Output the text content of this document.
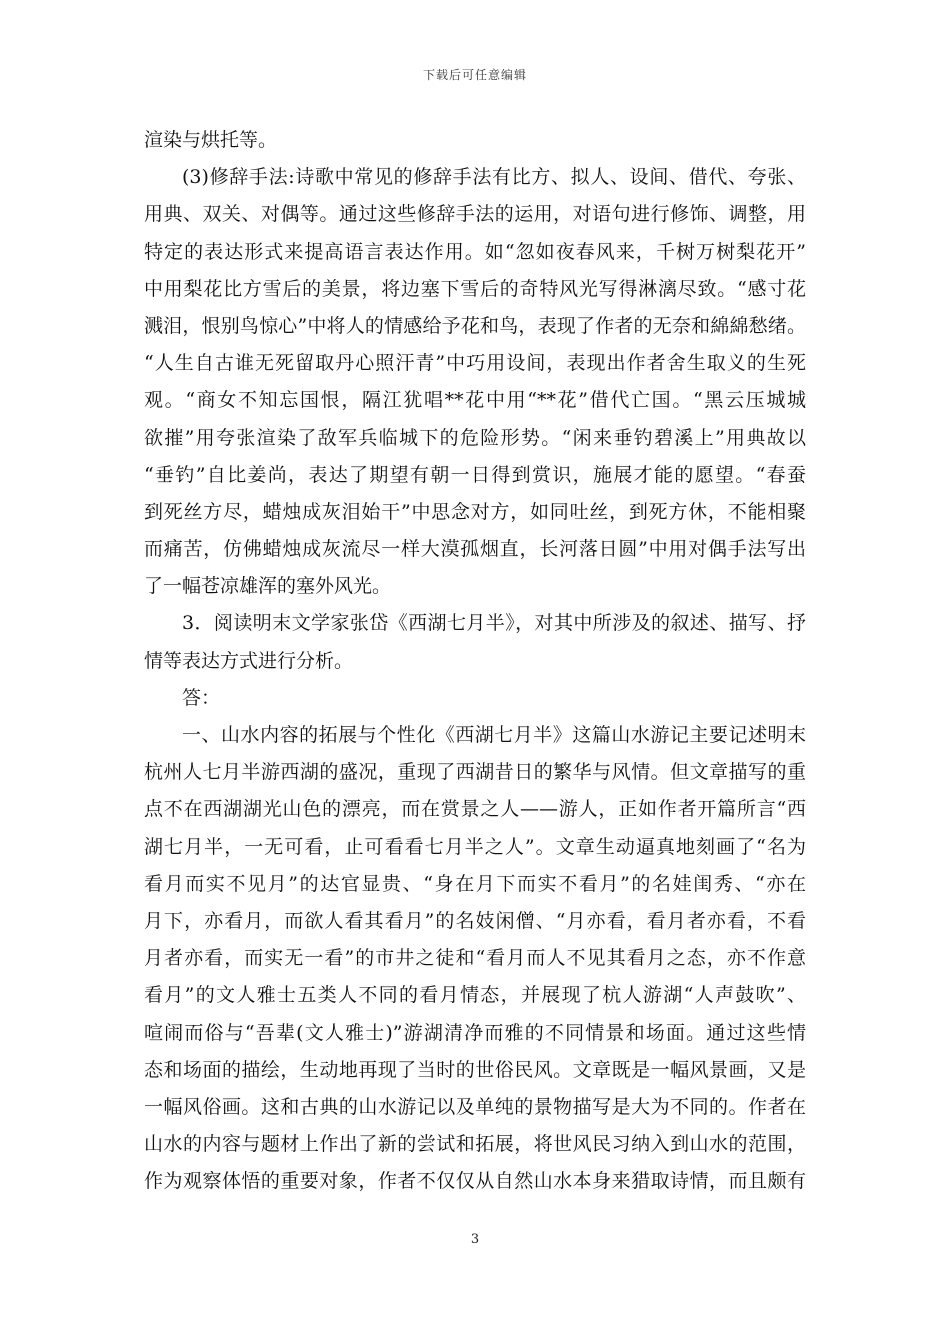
下载后可任意编辑
渲染与烘托等。
(3)修辞手法:诗歌中常见的修辞手法有比方、拟人、设间、借代、夸张、
用典、双关、对偶等。通过这些修辞手法的运用，对语句进行修饰、调整，用
特定的表达形式来提高语言表达作用。如“忽如夜春风来，千树万树梨花开”
中用梨花比方雪后的美景，将边塞下雪后的奇特风光写得淋漓尽致。“感寸花
溅泪，恨别鸟惊心”中将人的情感给予花和鸟，表现了作者的无奈和綿綿愁绪。
“人生自古谁无死留取丹心照汗青”中巧用设间，表现出作者舍生取义的生死
观。“商女不知忘国恨，隔江犹唱**花中用“**花”借代亡国。“黑云压城城
欲摧”用夸张渲染了敌军兵临城下的危险形势。“闲来垂钓碧溪上”用典故以
“垂钓”自比姜尚，表达了期望有朝一日得到赏识，施展才能的愿望。“春蚕
到死丝方尽，蜡烛成灰泪始干”中思念对方，如同吐丝，到死方休，不能相聚
而痛苦，仿佛蜡烛成灰流尽一样大漠孤烟直，长河落日圆”中用对偶手法写出
了一幅苍凉雄浑的塞外风光。
3．阅读明末文学家张岱《西湖七月半》，对其中所涉及的叙述、描写、抒
情等表达方式进行分析。
答：
一、山水内容的拓展与个性化《西湖七月半》这篇山水游记主要记述明末
杭州人七月半游西湖的盛况，重现了西湖昔日的繁华与风情。但文章描写的重
点不在西湖湖光山色的漂亮，而在赏景之人——游人，正如作者开篇所言“西
湖七月半，一无可看，止可看看七月半之人”。文章生动逼真地刻画了“名为
看月而实不见月”的达官显贵、“身在月下而实不看月”的名娃闺秀、“亦在
月下，亦看月，而欲人看其看月”的名妓闲僧、“月亦看，看月者亦看，不看
月者亦看，而实无一看”的市井之徒和“看月而人不见其看月之态，亦不作意
看月”的文人雅士五类人不同的看月情态，并展现了杭人游湖“人声鼓吹”、
喧闹而俗与“吾辈(文人雅士)”游湖清净而雅的不同情景和场面。通过这些情
态和场面的描绘，生动地再现了当时的世俗民风。文章既是一幅风景画，又是
一幅风俗画。这和古典的山水游记以及单纯的景物描写是大为不同的。作者在
山水的内容与题材上作出了新的尝试和拓展，将世风民习纳入到山水的范围，
作为观察体悟的重要对象，作者不仅仅从自然山水本身来猎取诗情，而且颇有
3
